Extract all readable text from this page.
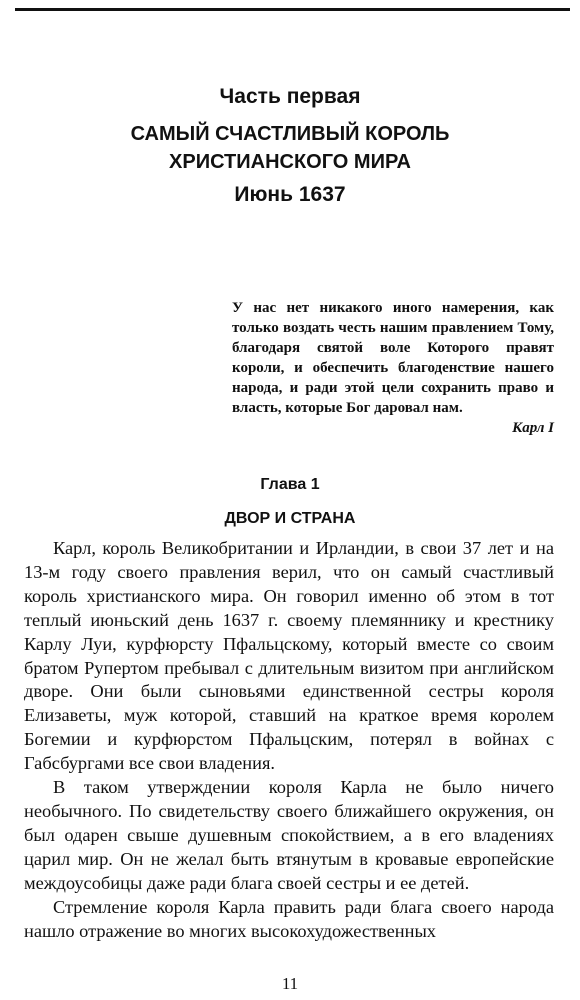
Часть первая
САМЫЙ СЧАСТЛИВЫЙ КОРОЛЬ
ХРИСТИАНСКОГО МИРА
Июнь 1637
У нас нет никакого иного намерения, как только воздать честь нашим правлением Тому, благодаря святой воле Которого правят короли, и обеспечить благоденствие нашего народа, и ради этой цели сохранить право и власть, которые Бог даровал нам.
Карл I
Глава 1
ДВОР И СТРАНА

Карл, король Великобритании и Ирландии, в свои 37 лет и на 13-м году своего правления верил, что он самый счастливый король христианского мира. Он говорил именно об этом в тот теплый июньский день 1637 г. своему племяннику и крестнику Карлу Луи, курфюрсту Пфальцскому, который вместе со своим братом Рупертом пребывал с длительным визитом при английском дворе. Они были сыновьями единственной сестры короля Елизаветы, муж которой, ставший на краткое время королем Богемии и курфюрстом Пфальцским, потерял в войнах с Габсбургами все свои владения.

В таком утверждении короля Карла не было ничего необычного. По свидетельству своего ближайшего окружения, он был одарен свыше душевным спокойствием, а в его владениях царил мир. Он не желал быть втянутым в кровавые европейские междоусобицы даже ради блага своей сестры и ее детей.

Стремление короля Карла править ради блага своего народа нашло отражение во многих высокохудожественных

11
